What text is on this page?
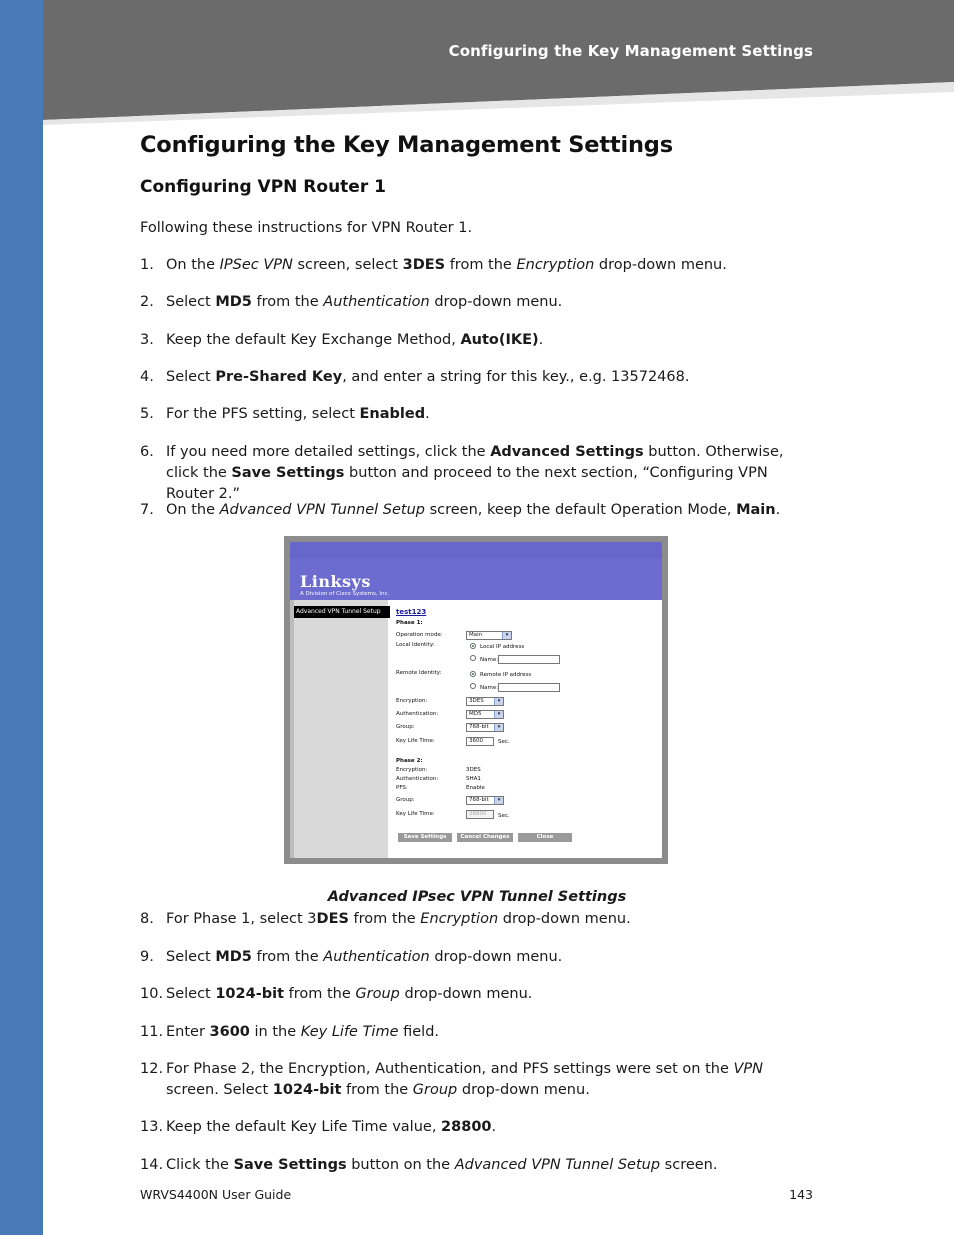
Configuring the Key Management Settings
Configuring the Key Management Settings
Configuring VPN Router 1
Following these instructions for VPN Router 1.
1. On the IPSec VPN screen, select 3DES from the Encryption drop-down menu.
2. Select MD5 from the Authentication drop-down menu.
3. Keep the default Key Exchange Method, Auto(IKE).
4. Select Pre-Shared Key, and enter a string for this key., e.g. 13572468.
5. For the PFS setting, select Enabled.
6. If you need more detailed settings, click the Advanced Settings button. Otherwise, click the Save Settings button and proceed to the next section, “Configuring VPN Router 2.”
7. On the Advanced VPN Tunnel Setup screen, keep the default Operation Mode, Main.
Linksys
A Division of Cisco Systems, Inc.
Advanced VPN Tunnel Setup	test123
Phase 1:
Operation mode:	Main	▾
Local Identity:	Local IP address
Name:
Remote Identity:	Remote IP address
Name:
Encryption:	3DES	▾
Authentication:	MD5	▾
Group:	768-bit	▾
Key Life Time:	3600	Sec.
Phase 2:
Encryption:	3DES
Authentication:	SHA1
PFS:	Enable
Group:	768-bit	▾
Key Life Time:	28800	Sec.
Save Settings	Cancel Changes	Close
Advanced IPsec VPN Tunnel Settings
8. For Phase 1, select 3DES from the Encryption drop-down menu.
9. Select MD5 from the Authentication drop-down menu.
10. Select 1024-bit from the Group drop-down menu.
11. Enter 3600 in the Key Life Time field.
12. For Phase 2, the Encryption, Authentication, and PFS settings were set on the VPN screen. Select 1024-bit from the Group drop-down menu.
13. Keep the default Key Life Time value, 28800.
14. Click the Save Settings button on the Advanced VPN Tunnel Setup screen.
WRVS4400N User Guide	143
